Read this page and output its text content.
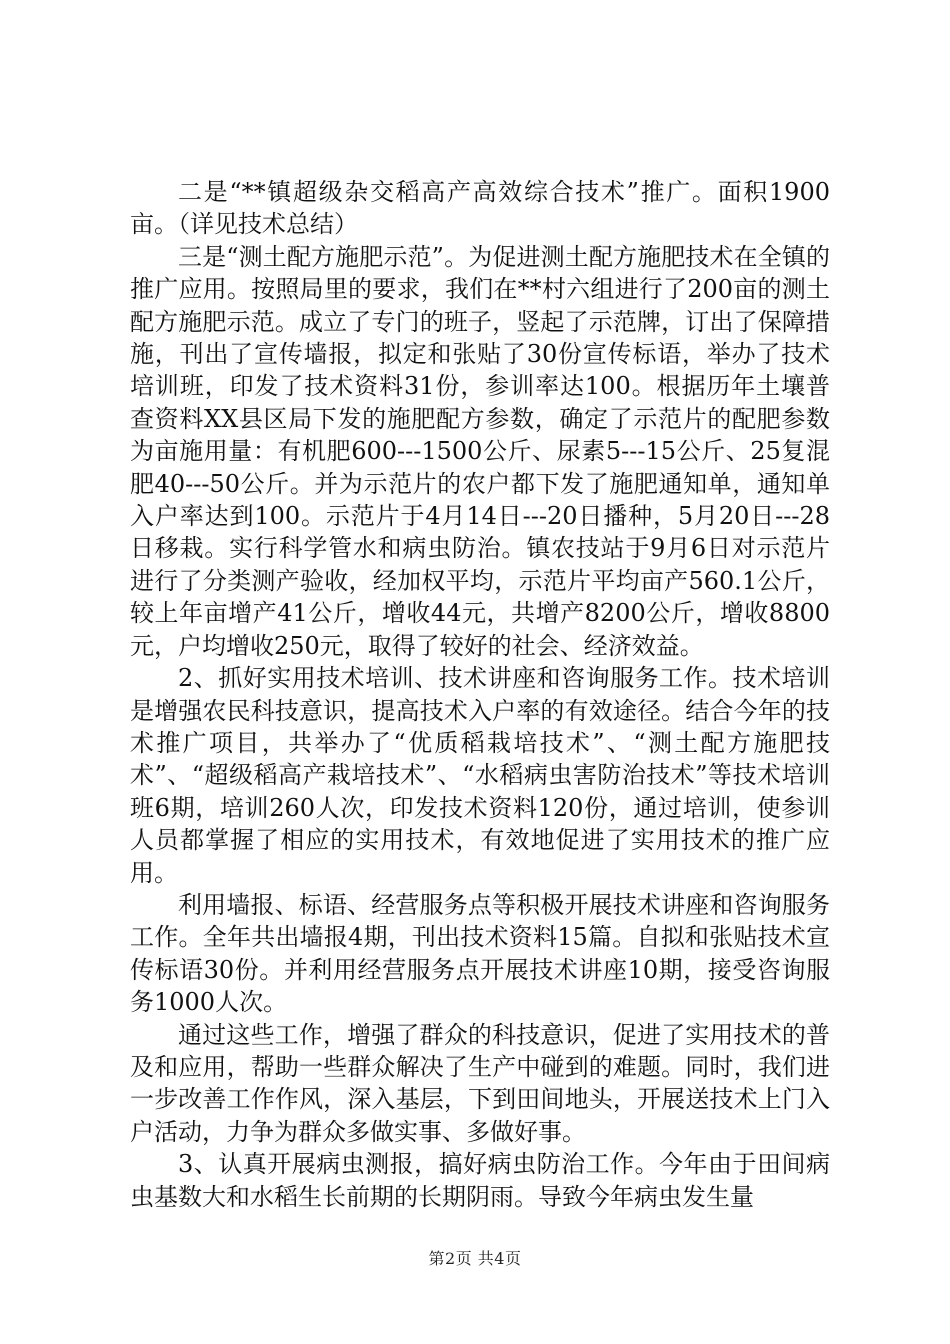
二是“**镇超级杂交稻高产高效综合技术”推广。面积1900亩。（详见技术总结）

三是“测土配方施肥示范”。为促进测土配方施肥技术在全镇的推广应用。按照局里的要求，我们在**村六组进行了200亩的测土配方施肥示范。成立了专门的班子，竖起了示范牌，订出了保障措施，刊出了宣传墙报，拟定和张贴了30份宣传标语，举办了技术培训班，印发了技术资料31份，参训率达100。根据历年土壤普查资料XX县区局下发的施肥配方参数，确定了示范片的配肥参数为亩施用量：有机肥600---1500公斤、尿素5---15公斤、25复混肥40---50公斤。并为示范片的农户都下发了施肥通知单，通知单入户率达到100。示范片于4月14日---20日播种，5月20日---28日移栽。实行科学管水和病虫防治。镇农技站于9月6日对示范片进行了分类测产验收，经加权平均，示范片平均亩产560.1公斤，较上年亩增产41公斤，增收44元，共增产8200公斤，增收8800元，户均增收250元，取得了较好的社会、经济效益。

2、抓好实用技术培训、技术讲座和咨询服务工作。技术培训是增强农民科技意识，提高技术入户率的有效途径。结合今年的技术推广项目，共举办了“优质稻栽培技术”、“测土配方施肥技术”、“超级稻高产栽培技术”、“水稻病虫害防治技术”等技术培训班6期，培训260人次，印发技术资料120份，通过培训，使参训人员都掌握了相应的实用技术，有效地促进了实用技术的推广应用。

利用墙报、标语、经营服务点等积极开展技术讲座和咨询服务工作。全年共出墙报4期，刊出技术资料15篇。自拟和张贴技术宣传标语30份。并利用经营服务点开展技术讲座10期，接受咨询服务1000人次。

通过这些工作，增强了群众的科技意识，促进了实用技术的普及和应用，帮助一些群众解决了生产中碰到的难题。同时，我们进一步改善工作作风，深入基层，下到田间地头，开展送技术上门入户活动，力争为群众多做实事、多做好事。

3、认真开展病虫测报，搞好病虫防治工作。今年由于田间病虫基数大和水稻生长前期的长期阴雨。导致今年病虫发生量

第2页 共4页
